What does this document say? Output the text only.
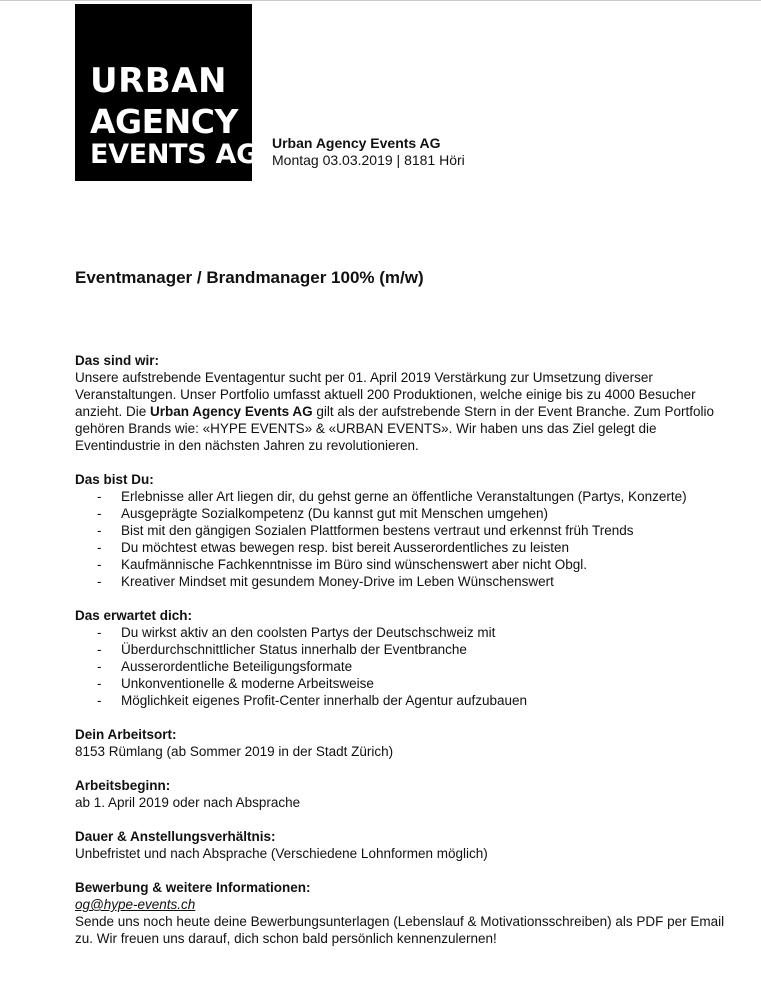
URBAN
AGENCY
EVENTS AG Urban Agency Events AG
Montag 03.03.2019 | 8181 Höri
Eventmanager / Brandmanager 100% (m/w)
Das sind wir:
Unsere aufstrebende Eventagentur sucht per 01. April 2019 Verstärkung zur Umsetzung diverser Veranstaltungen. Unser Portfolio umfasst aktuell 200 Produktionen, welche einige bis zu 4000 Besucher anzieht. Die Urban Agency Events AG gilt als der aufstrebende Stern in der Event Branche. Zum Portfolio gehören Brands wie: «HYPE EVENTS» & «URBAN EVENTS». Wir haben uns das Ziel gelegt die Eventindustrie in den nächsten Jahren zu revolutionieren.
Das bist Du:
- Erlebnisse aller Art liegen dir, du gehst gerne an öffentliche Veranstaltungen (Partys, Konzerte)
- Ausgeprägte Sozialkompetenz (Du kannst gut mit Menschen umgehen)
- Bist mit den gängigen Sozialen Plattformen bestens vertraut und erkennst früh Trends
- Du möchtest etwas bewegen resp. bist bereit Ausserordentliches zu leisten
- Kaufmännische Fachkenntnisse im Büro sind wünschenswert aber nicht Obgl.
- Kreativer Mindset mit gesundem Money-Drive im Leben Wünschenswert
Das erwartet dich:
- Du wirkst aktiv an den coolsten Partys der Deutschschweiz mit
- Überdurchschnittlicher Status innerhalb der Eventbranche
- Ausserordentliche Beteiligungsformate
- Unkonventionelle & moderne Arbeitsweise
- Möglichkeit eigenes Profit-Center innerhalb der Agentur aufzubauen
Dein Arbeitsort:
8153 Rümlang (ab Sommer 2019 in der Stadt Zürich)
Arbeitsbeginn:
ab 1. April 2019 oder nach Absprache
Dauer & Anstellungsverhältnis:
Unbefristet und nach Absprache (Verschiedene Lohnformen möglich)
Bewerbung & weitere Informationen:
og@hype-events.ch
Sende uns noch heute deine Bewerbungsunterlagen (Lebenslauf & Motivationsschreiben) als PDF per Email zu. Wir freuen uns darauf, dich schon bald persönlich kennenzulernen!
